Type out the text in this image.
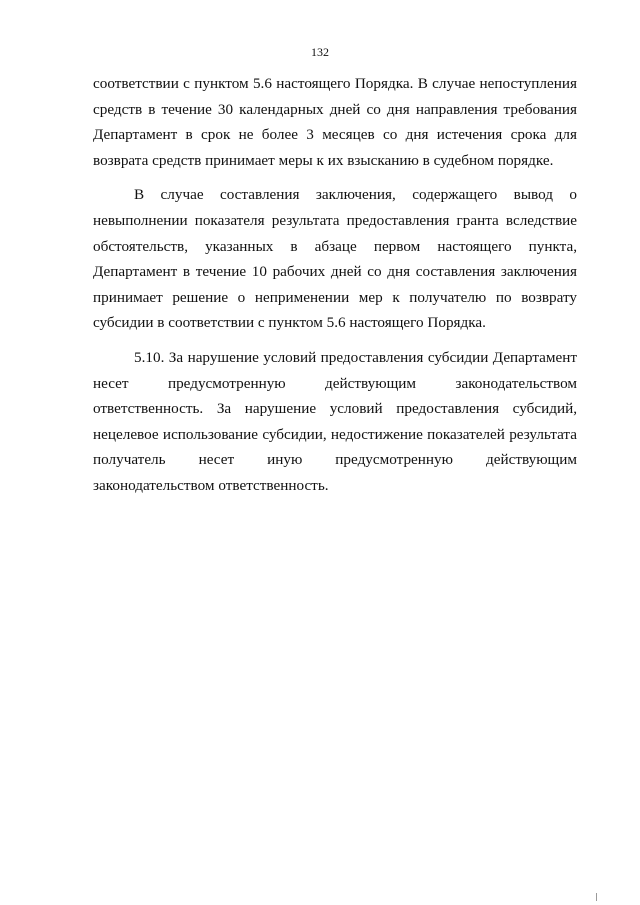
132

соответствии с пунктом 5.6 настоящего Порядка. В случае непоступления средств в течение 30 календарных дней со дня направления требования Департамент в срок не более 3 месяцев со дня истечения срока для возврата средств принимает меры к их взысканию в судебном порядке.

В случае составления заключения, содержащего вывод о невыполнении показателя результата предоставления гранта вследствие обстоятельств, указанных в абзаце первом настоящего пункта, Департамент в течение 10 рабочих дней со дня составления заключения принимает решение о неприменении мер к получателю по возврату субсидии в соответствии с пунктом 5.6 настоящего Порядка.

5.10. За нарушение условий предоставления субсидии Департамент несет предусмотренную действующим законодательством ответственность. За нарушение условий предоставления субсидий, нецелевое использование субсидии, недостижение показателей результата получатель несет иную предусмотренную действующим законодательством ответственность.
